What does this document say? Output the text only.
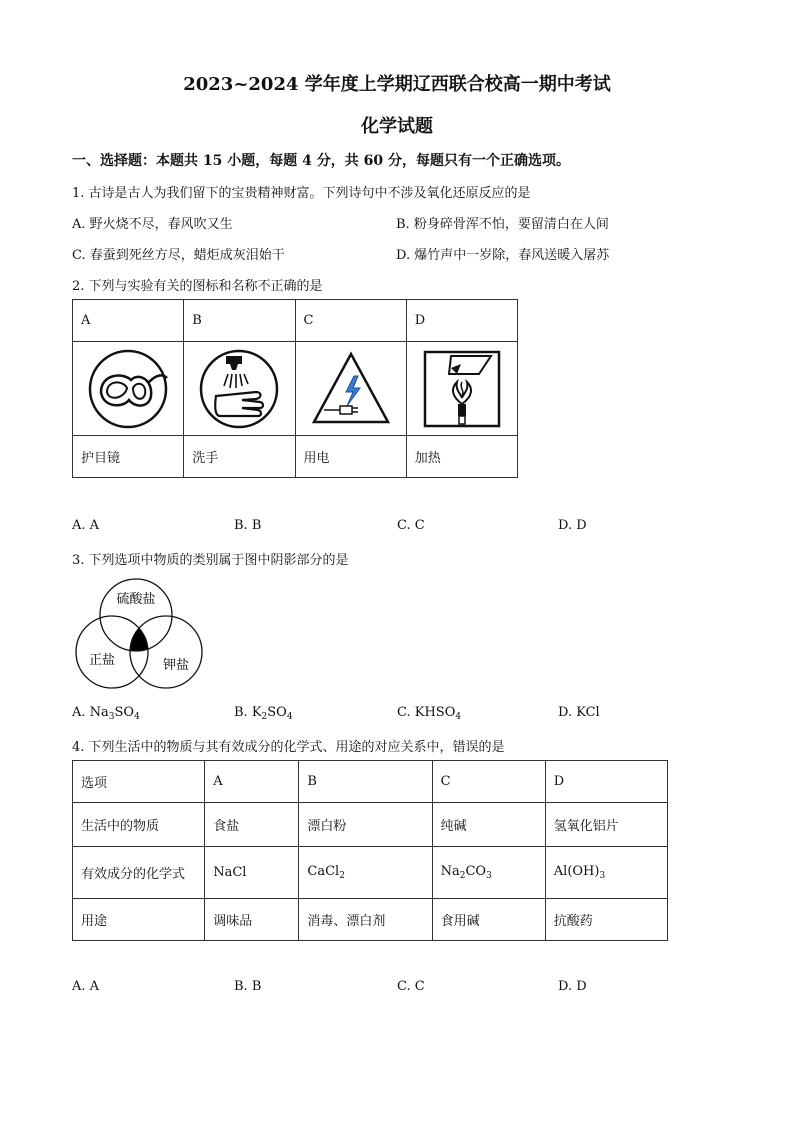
2023~2024 学年度上学期辽西联合校高一期中考试
化学试题
一、选择题：本题共 15 小题，每题 4 分，共 60 分，每题只有一个正确选项。
1. 古诗是古人为我们留下的宝贵精神财富。下列诗句中不涉及氧化还原反应的是
A. 野火烧不尽，春风吹又生	B. 粉身碎骨浑不怕，要留清白在人间
C. 春蚕到死丝方尽，蜡炬成灰泪始干	D. 爆竹声中一岁除，春风送暖入屠苏
2. 下列与实验有关的图标和名称不正确的是
A	B	C	D

护目镜	洗手	用电	加热
A. A	B. B	C. C	D. D
3. 下列选项中物质的类别属于图中阴影部分的是
硫酸盐
正盐	钾盐
A. $Na_3SO_4$	B. $K_2SO_4$	C. $KHSO_4$	D. KCl
4. 下列生活中的物质与其有效成分的化学式、用途的对应关系中，错误的是
选项	A	B	C	D
生活中的物质	食盐	漂白粉	纯碱	氢氧化铝片
有效成分的化学式	NaCl	CaCl$_2$	$Na_2CO_3$	$Al(OH)_3$
用途	调味品	消毒、漂白剂	食用碱	抗酸药
A. A	B. B	C. C	D. D
